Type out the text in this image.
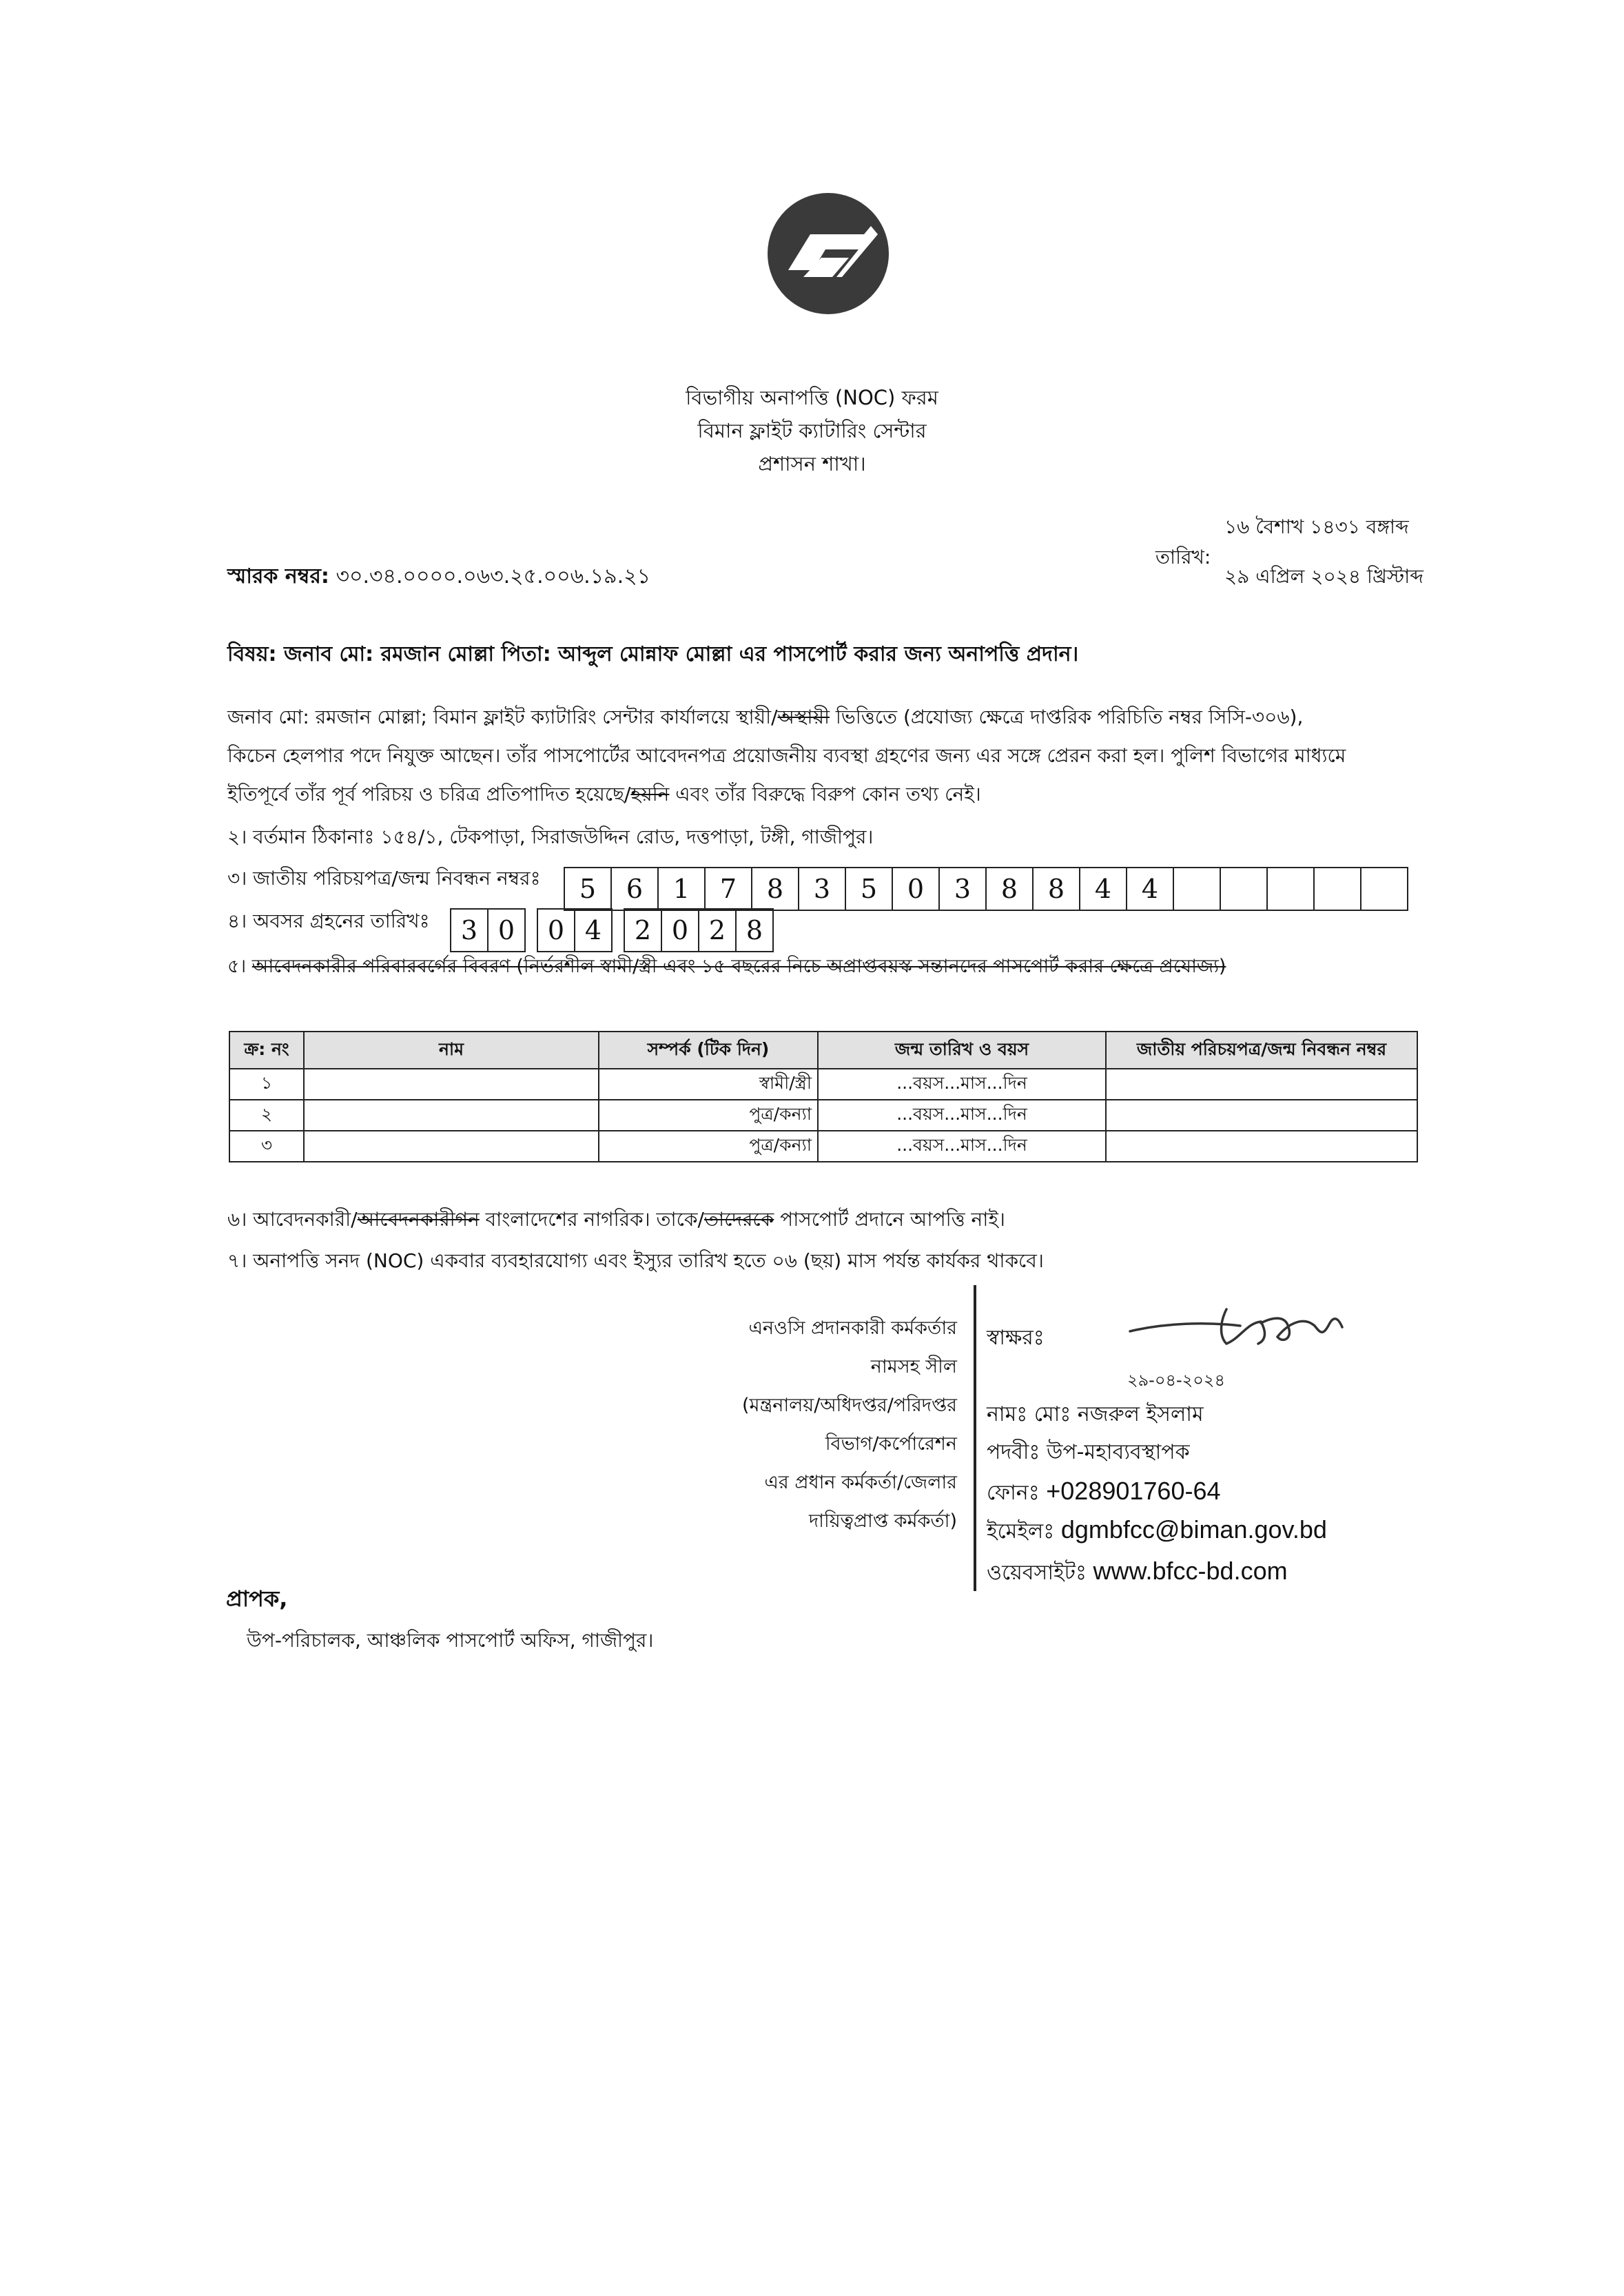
বিভাগীয় অনাপত্তি (NOC) ফরম
বিমান ফ্লাইট ক্যাটারিং সেন্টার
প্রশাসন শাখা।
স্মারক নম্বর: ৩০.৩৪.০০০০.০৬৩.২৫.০০৬.১৯.২১
১৬ বৈশাখ ১৪৩১ বঙ্গাব্দ
তারিখ:
২৯ এপ্রিল ২০২৪ খ্রিস্টাব্দ
বিষয়: জনাব মো: রমজান মোল্লা পিতা: আব্দুল মোন্নাফ মোল্লা এর পাসপোর্ট করার জন্য অনাপত্তি প্রদান।
জনাব মো: রমজান মোল্লা; বিমান ফ্লাইট ক্যাটারিং সেন্টার কার্যালয়ে স্থায়ী/অস্থায়ী ভিত্তিতে (প্রযোজ্য ক্ষেত্রে দাপ্তরিক পরিচিতি নম্বর সিসি-৩০৬),
কিচেন হেলপার পদে নিযুক্ত আছেন। তাঁর পাসপোর্টের আবেদনপত্র প্রয়োজনীয় ব্যবস্থা গ্রহণের জন্য এর সঙ্গে প্রেরন করা হল। পুলিশ বিভাগের মাধ্যমে
ইতিপূর্বে তাঁর পূর্ব পরিচয় ও চরিত্র প্রতিপাদিত হয়েছে/হয়নি এবং তাঁর বিরুদ্ধে বিরুপ কোন তথ্য নেই।
২। বর্তমান ঠিকানাঃ ১৫৪/১, টেকপাড়া, সিরাজউদ্দিন রোড, দত্তপাড়া, টঙ্গী, গাজীপুর।
৩। জাতীয় পরিচয়পত্র/জন্ম নিবন্ধন নম্বরঃ	5	6	1	7	8	3	5	0	3	8	8	4	4
৪। অবসর গ্রহনের তারিখঃ	3 0	0 4	2 0 2 8
৫। আবেদনকারীর পরিবারবর্গের বিবরণ (নির্ভরশীল স্বামী/স্ত্রী এবং ১৫ বছরের নিচে অপ্রাপ্তবয়স্ক সন্তানদের পাসপোর্ট করার ক্ষেত্রে প্রযোজ্য)
ক্র: নং	নাম	সম্পর্ক (টিক দিন)	জন্ম তারিখ ও বয়স	জাতীয় পরিচয়পত্র/জন্ম নিবন্ধন নম্বর
১		স্বামী/স্ত্রী	...বয়স...মাস...দিন	
২		পুত্র/কন্যা	...বয়স...মাস...দিন	
৩		পুত্র/কন্যা	...বয়স...মাস...দিন	
৬। আবেদনকারী/আবেদনকারীগন বাংলাদেশের নাগরিক। তাকে/তাদেরকে পাসপোর্ট প্রদানে আপত্তি নাই।
৭। অনাপত্তি সনদ (NOC) একবার ব্যবহারযোগ্য এবং ইস্যুর তারিখ হতে ০৬ (ছয়) মাস পর্যন্ত কার্যকর থাকবে।
এনওসি প্রদানকারী কর্মকর্তার
নামসহ সীল
(মন্ত্রনালয়/অধিদপ্তর/পরিদপ্তর
বিভাগ/কর্পোরেশন
এর প্রধান কর্মকর্তা/জেলার
দায়িত্বপ্রাপ্ত কর্মকর্তা)
স্বাক্ষরঃ
২৯-০৪-২০২৪
নামঃ মোঃ নজরুল ইসলাম
পদবীঃ উপ-মহাব্যবস্থাপক
ফোনঃ +028901760-64
ইমেইলঃ dgmbfcc@biman.gov.bd
ওয়েবসাইটঃ www.bfcc-bd.com
প্রাপক,
উপ-পরিচালক, আঞ্চলিক পাসপোর্ট অফিস, গাজীপুর।
